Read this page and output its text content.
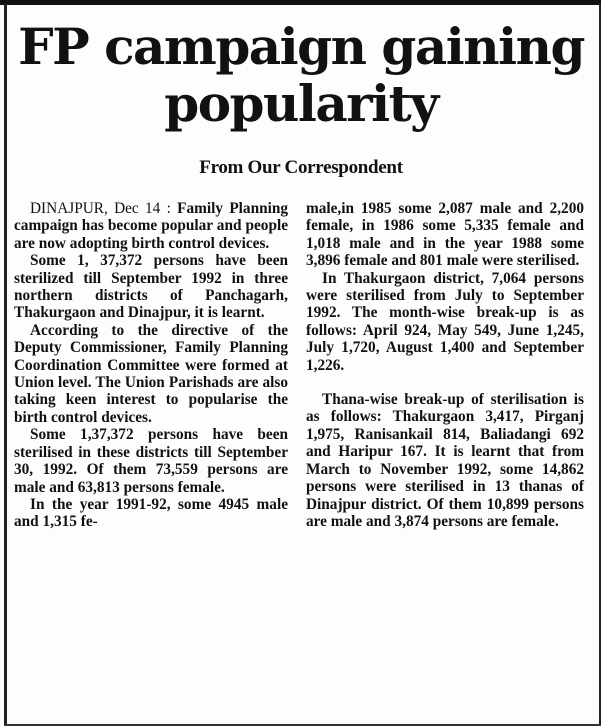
FP campaign gaining popularity
From Our Correspondent

DINAJPUR, Dec 14 : Family Planning campaign has become popular and people are now adopting birth control devices.

Some 1, 37,372 persons have been sterilized till September 1992 in three northern districts of Panchagarh, Thakurgaon and Dinajpur, it is learnt.

According to the directive of the Deputy Commissioner, Family Planning Coordination Committee were formed at Union level. The Union Parishads are also taking keen interest to popularise the birth control devices.

Some 1,37,372 persons have been sterilised in these districts till September 30, 1992. Of them 73,559 persons are male and 63,813 persons female.

In the year 1991-92, some 4945 male and 1,315 fe-

male,in 1985 some 2,087 male and 2,200 female, in 1986 some 5,335 female and 1,018 male and in the year 1988 some 3,896 female and 801 male were sterilised.

In Thakurgaon district, 7,064 persons were sterilised from July to September 1992. The month-wise break-up is as follows: April 924, May 549, June 1,245, July 1,720, August 1,400 and September 1,226.

Thana-wise break-up of sterilisation is as follows: Thakurgaon 3,417, Pirganj 1,975, Ranisankail 814, Baliadangi 692 and Haripur 167. It is learnt that from March to November 1992, some 14,862 persons were sterilised in 13 thanas of Dinajpur district. Of them 10,899 persons are male and 3,874 persons are female.
